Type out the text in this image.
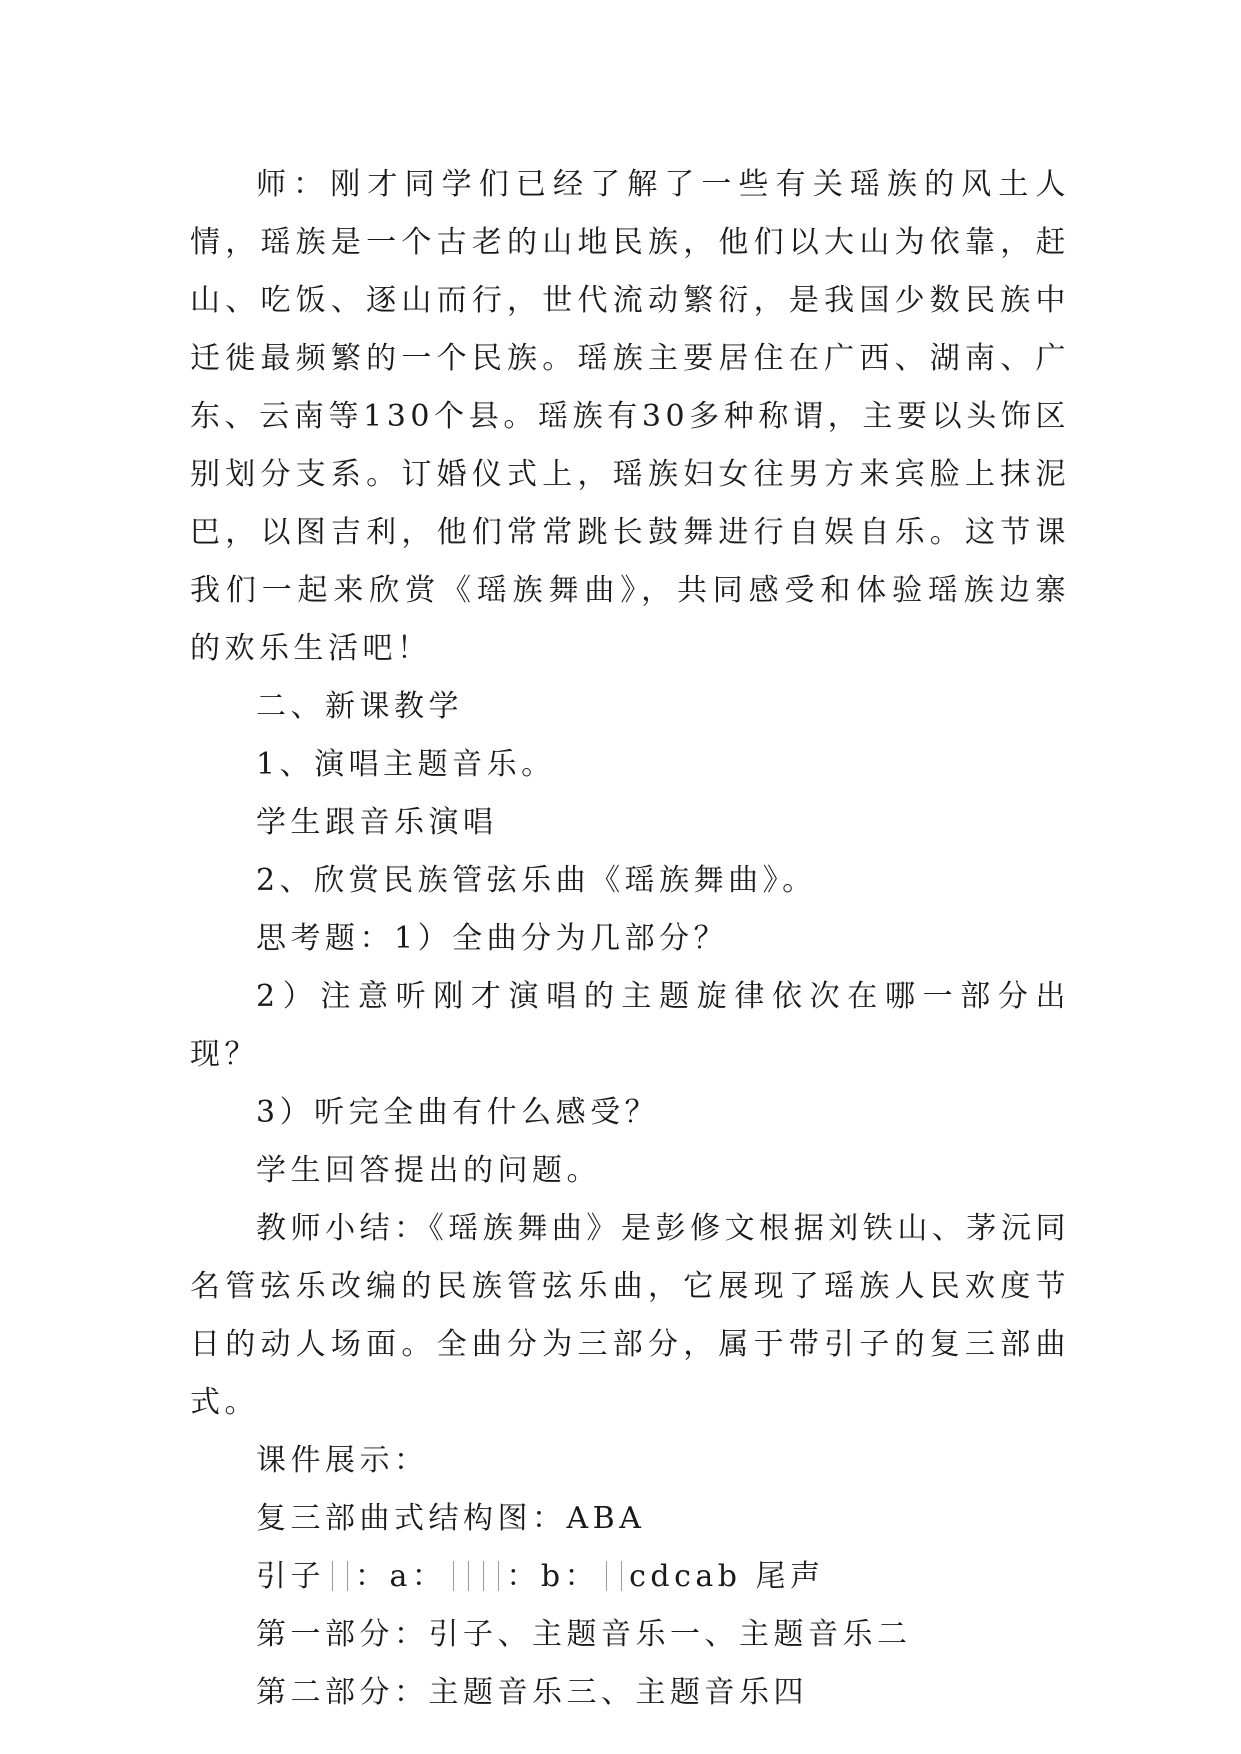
师：刚才同学们已经了解了一些有关瑶族的风土人情，瑶族是一个古老的山地民族，他们以大山为依靠，赶山、吃饭、逐山而行，世代流动繁衍，是我国少数民族中迁徙最频繁的一个民族。瑶族主要居住在广西、湖南、广东、云南等130个县。瑶族有30多种称谓，主要以头饰区别划分支系。订婚仪式上，瑶族妇女往男方来宾脸上抹泥巴，以图吉利，他们常常跳长鼓舞进行自娱自乐。这节课我们一起来欣赏《瑶族舞曲》，共同感受和体验瑶族边寨的欢乐生活吧！

二、新课教学

1、演唱主题音乐。

学生跟音乐演唱

2、欣赏民族管弦乐曲《瑶族舞曲》。

思考题：1）全曲分为几部分？

2）注意听刚才演唱的主题旋律依次在哪一部分出现？

3）听完全曲有什么感受？

学生回答提出的问题。

教师小结：《瑶族舞曲》是彭修文根据刘铁山、茅沅同名管弦乐改编的民族管弦乐曲，它展现了瑶族人民欢度节日的动人场面。全曲分为三部分，属于带引子的复三部曲式。

课件展示：

复三部曲式结构图：ABA

引子 ：a： ：b： cdcab 尾声

第一部分：引子、主题音乐一、主题音乐二

第二部分：主题音乐三、主题音乐四
